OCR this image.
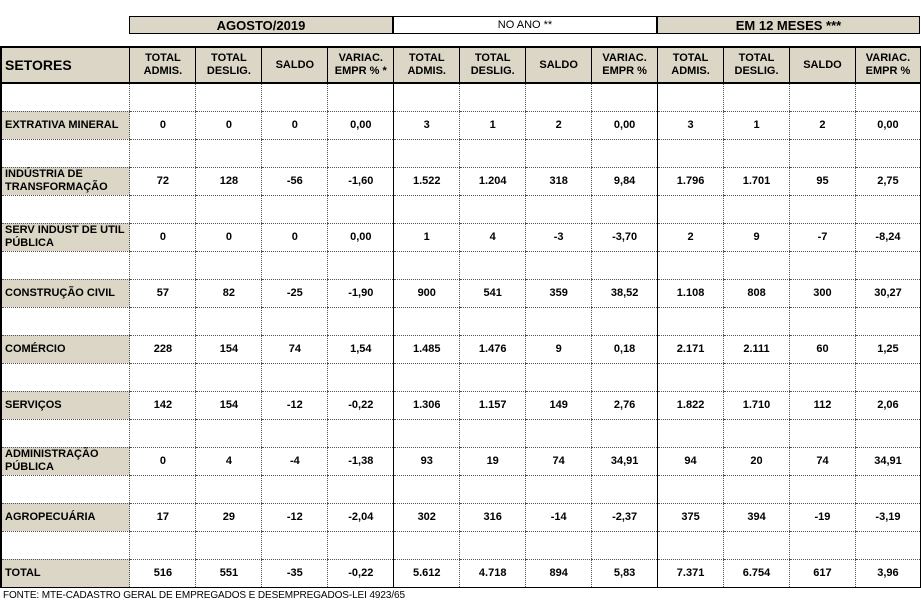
AGOSTO/2019	NO ANO **	EM 12 MESES ***
SETORES	TOTAL ADMIS.	TOTAL DESLIG.	SALDO	VARIAC. EMPR % *	TOTAL ADMIS.	TOTAL DESLIG.	SALDO	VARIAC. EMPR %	TOTAL ADMIS.	TOTAL DESLIG.	SALDO	VARIAC. EMPR %

EXTRATIVA MINERAL	0	0	0	0,00	3	1	2	0,00	3	1	2	0,00

INDÚSTRIA DE TRANSFORMAÇÃO	72	128	-56	-1,60	1.522	1.204	318	9,84	1.796	1.701	95	2,75

SERV INDUST DE UTIL PÚBLICA	0	0	0	0,00	1	4	-3	-3,70	2	9	-7	-8,24

CONSTRUÇÃO CIVIL	57	82	-25	-1,90	900	541	359	38,52	1.108	808	300	30,27

COMÉRCIO	228	154	74	1,54	1.485	1.476	9	0,18	2.171	2.111	60	1,25

SERVIÇOS	142	154	-12	-0,22	1.306	1.157	149	2,76	1.822	1.710	112	2,06

ADMINISTRAÇÃO PÚBLICA	0	4	-4	-1,38	93	19	74	34,91	94	20	74	34,91

AGROPECUÁRIA	17	29	-12	-2,04	302	316	-14	-2,37	375	394	-19	-3,19

TOTAL	516	551	-35	-0,22	5.612	4.718	894	5,83	7.371	6.754	617	3,96
FONTE: MTE-CADASTRO GERAL DE EMPREGADOS E DESEMPREGADOS-LEI 4923/65
